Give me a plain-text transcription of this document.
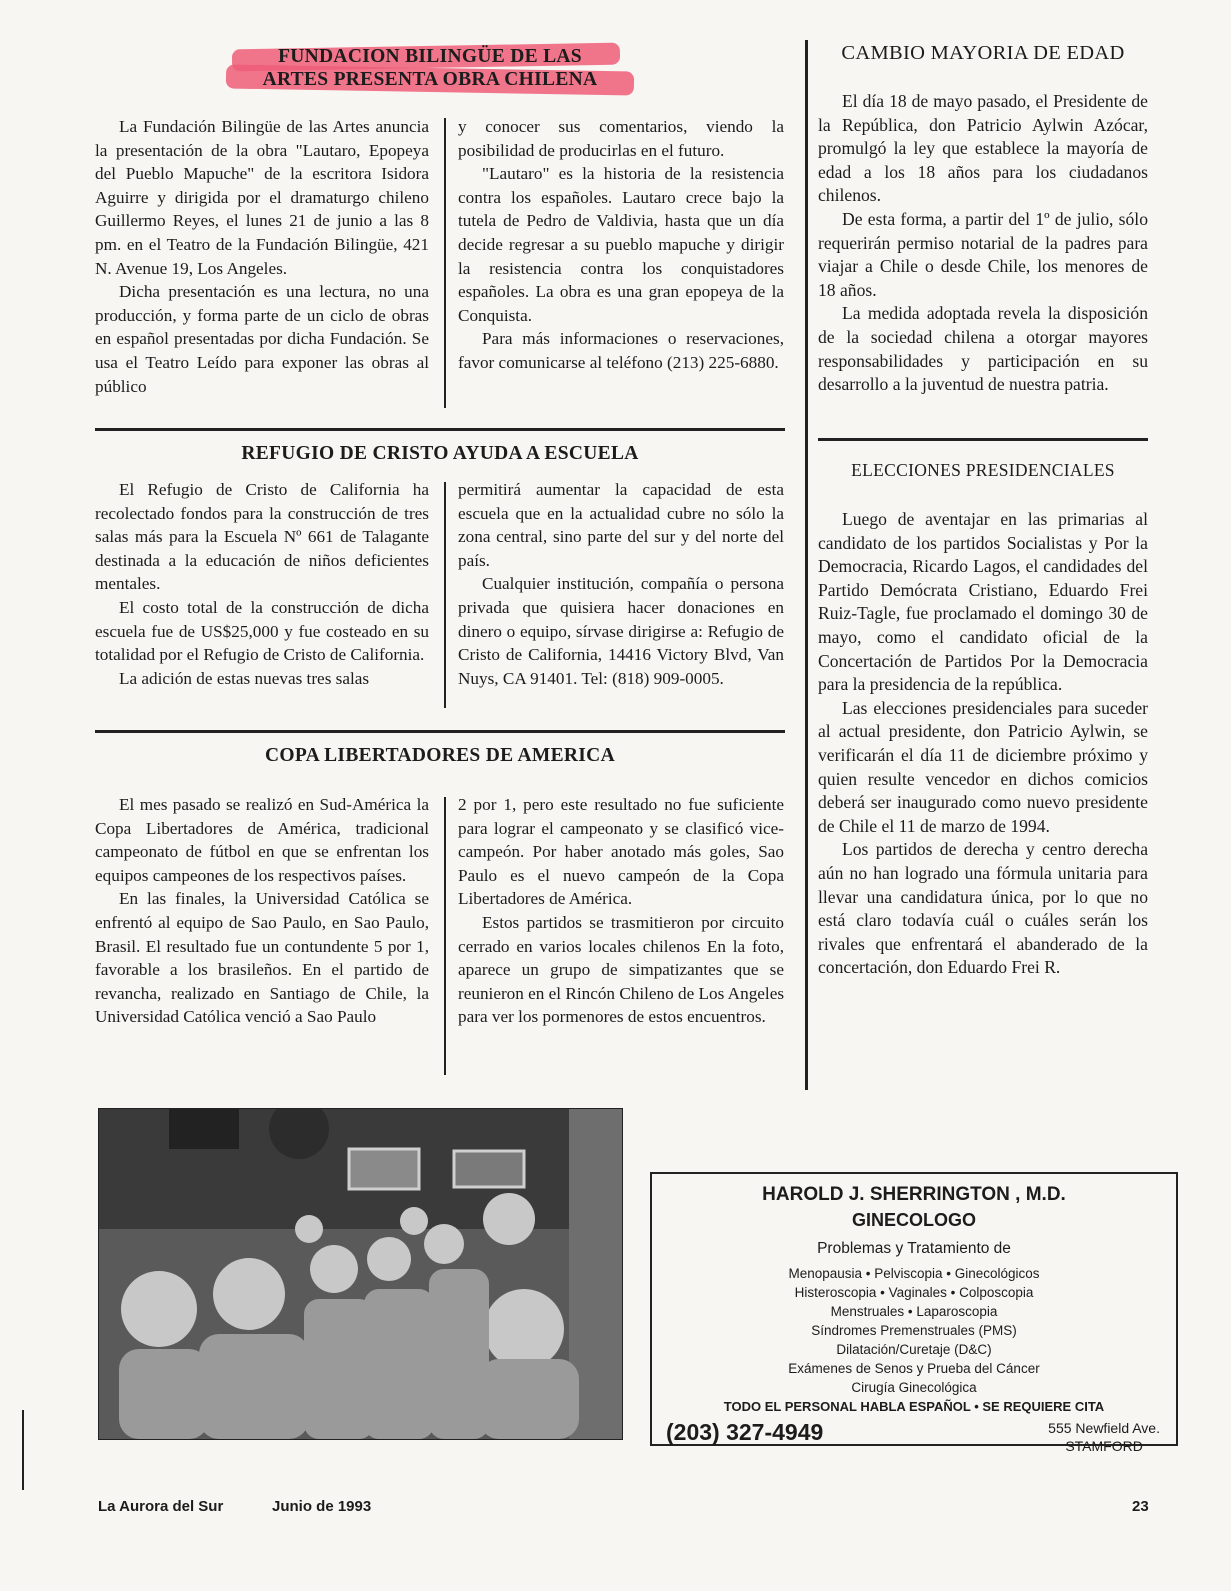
FUNDACION BILINGÜE DE LAS
ARTES PRESENTA OBRA CHILENA

La Fundación Bilingüe de las Artes anuncia la presentación de la obra "Lautaro, Epopeya del Pueblo Mapuche" de la escritora Isidora Aguirre y dirigida por el dramaturgo chileno Guillermo Reyes, el lunes 21 de junio a las 8 pm. en el Teatro de la Fundación Bilingüe, 421 N. Avenue 19, Los Angeles.

Dicha presentación es una lectura, no una producción, y forma parte de un ciclo de obras en español presentadas por dicha Fundación. Se usa el Teatro Leído para exponer las obras al público

y conocer sus comentarios, viendo la posibilidad de producirlas en el futuro.

"Lautaro" es la historia de la resistencia contra los españoles. Lautaro crece bajo la tutela de Pedro de Valdivia, hasta que un día decide regresar a su pueblo mapuche y dirigir la resistencia contra los conquistadores españoles. La obra es una gran epopeya de la Conquista.

Para más informaciones o reservaciones, favor comunicarse al teléfono (213) 225-6880.

REFUGIO DE CRISTO AYUDA A ESCUELA

El Refugio de Cristo de California ha recolectado fondos para la construcción de tres salas más para la Escuela Nº 661 de Talagante destinada a la educación de niños deficientes mentales.

El costo total de la construcción de dicha escuela fue de US$25,000 y fue costeado en su totalidad por el Refugio de Cristo de California.

La adición de estas nuevas tres salas

permitirá aumentar la capacidad de esta escuela que en la actualidad cubre no sólo la zona central, sino parte del sur y del norte del país.

Cualquier institución, compañía o persona privada que quisiera hacer donaciones en dinero o equipo, sírvase dirigirse a: Refugio de Cristo de California, 14416 Victory Blvd, Van Nuys, CA 91401. Tel: (818) 909-0005.

COPA LIBERTADORES DE AMERICA

El mes pasado se realizó en Sud-América la Copa Libertadores de América, tradicional campeonato de fútbol en que se enfrentan los equipos campeones de los respectivos países.

En las finales, la Universidad Católica se enfrentó al equipo de Sao Paulo, en Sao Paulo, Brasil. El resultado fue un contundente 5 por 1, favorable a los brasileños. En el partido de revancha, realizado en Santiago de Chile, la Universidad Católica venció a Sao Paulo

2 por 1, pero este resultado no fue suficiente para lograr el campeonato y se clasificó vice-campeón. Por haber anotado más goles, Sao Paulo es el nuevo campeón de la Copa Libertadores de América.

Estos partidos se trasmitieron por circuito cerrado en varios locales chilenos En la foto, aparece un grupo de simpatizantes que se reunieron en el Rincón Chileno de Los Angeles para ver los pormenores de estos encuentros.

CAMBIO MAYORIA DE EDAD

El día 18 de mayo pasado, el Presidente de la República, don Patricio Aylwin Azócar, promulgó la ley que establece la mayoría de edad a los 18 años para los ciudadanos chilenos.

De esta forma, a partir del 1º de julio, sólo requerirán permiso notarial de la padres para viajar a Chile o desde Chile, los menores de 18 años.

La medida adoptada revela la disposición de la sociedad chilena a otorgar mayores responsabilidades y participación en su desarrollo a la juventud de nuestra patria.

ELECCIONES PRESIDENCIALES

Luego de aventajar en las primarias al candidato de los partidos Socialistas y Por la Democracia, Ricardo Lagos, el candidades del Partido Demócrata Cristiano, Eduardo Frei Ruiz-Tagle, fue proclamado el domingo 30 de mayo, como el candidato oficial de la Concertación de Partidos Por la Democracia para la presidencia de la república.

Las elecciones presidenciales para suceder al actual presidente, don Patricio Aylwin, se verificarán el día 11 de diciembre próximo y quien resulte vencedor en dichos comicios deberá ser inaugurado como nuevo presidente de Chile el 11 de marzo de 1994.

Los partidos de derecha y centro derecha aún no han logrado una fórmula unitaria para llevar una candidatura única, por lo que no está claro todavía cuál o cuáles serán los rivales que enfrentará el abanderado de la concertación, don Eduardo Frei R.

HAROLD J. SHERRINGTON , M.D.
GINECOLOGO
Problemas y Tratamiento de
Menopausia • Pelviscopia • Ginecológicos
Histeroscopia • Vaginales • Colposcopia
Menstruales • Laparoscopia
Síndromes Premenstruales (PMS)
Dilatación/Curetaje (D&C)
Exámenes de Senos y Prueba del Cáncer
Cirugía Ginecológica
TODO EL PERSONAL HABLA ESPAÑOL • SE REQUIERE CITA
(203) 327-4949	555 Newfield Ave.
STAMFORD
La Aurora del Sur	Junio de 1993	23
